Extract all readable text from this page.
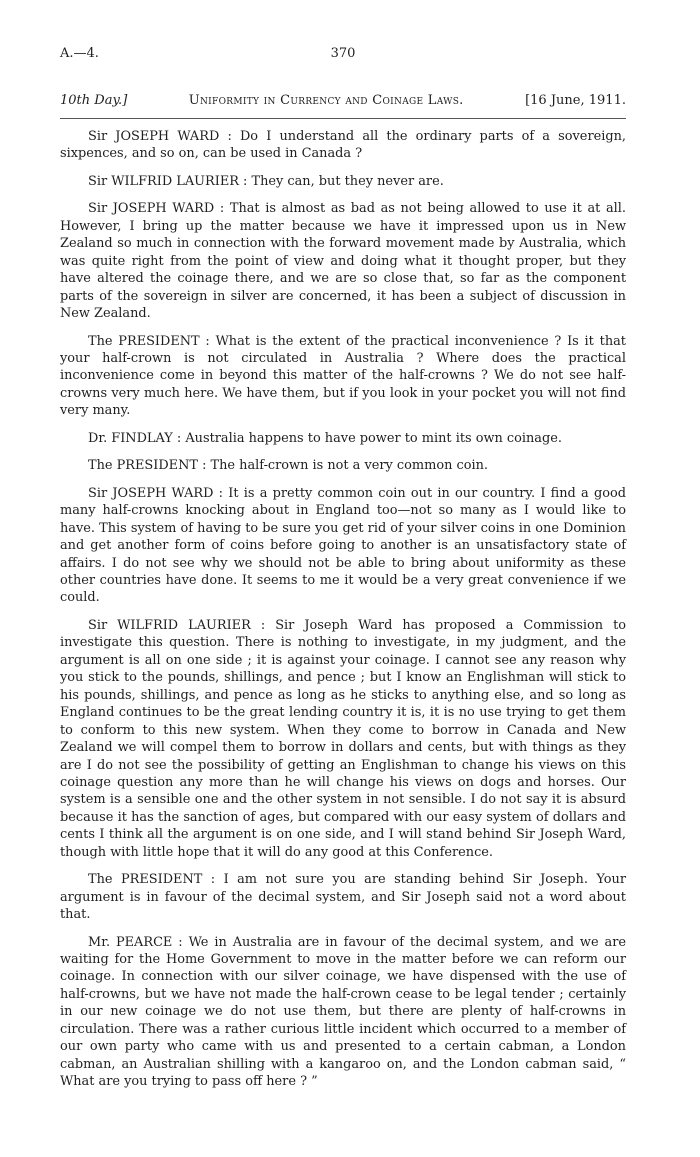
A.—4.	370
10th Day.]	Uniformity in Currency and Coinage Laws.	[16 June, 1911.

Sir JOSEPH WARD : Do I understand all the ordinary parts of a sovereign, sixpences, and so on, can be used in Canada ?

Sir WILFRID LAURIER : They can, but they never are.

Sir JOSEPH WARD : That is almost as bad as not being allowed to use it at all. However, I bring up the matter because we have it impressed upon us in New Zealand so much in connection with the forward movement made by Australia, which was quite right from the point of view and doing what it thought proper, but they have altered the coinage there, and we are so close that, so far as the component parts of the sovereign in silver are concerned, it has been a subject of discussion in New Zealand.

The PRESIDENT : What is the extent of the practical inconvenience ? Is it that your half-crown is not circulated in Australia ? Where does the practical inconvenience come in beyond this matter of the half-crowns ? We do not see half-crowns very much here. We have them, but if you look in your pocket you will not find very many.

Dr. FINDLAY : Australia happens to have power to mint its own coinage.

The PRESIDENT : The half-crown is not a very common coin.

Sir JOSEPH WARD : It is a pretty common coin out in our country. I find a good many half-crowns knocking about in England too—not so many as I would like to have. This system of having to be sure you get rid of your silver coins in one Dominion and get another form of coins before going to another is an unsatisfactory state of affairs. I do not see why we should not be able to bring about uniformity as these other countries have done. It seems to me it would be a very great convenience if we could.

Sir WILFRID LAURIER : Sir Joseph Ward has proposed a Commission to investigate this question. There is nothing to investigate, in my judgment, and the argument is all on one side ; it is against your coinage. I cannot see any reason why you stick to the pounds, shillings, and pence ; but I know an Englishman will stick to his pounds, shillings, and pence as long as he sticks to anything else, and so long as England continues to be the great lending country it is, it is no use trying to get them to conform to this new system. When they come to borrow in Canada and New Zealand we will compel them to borrow in dollars and cents, but with things as they are I do not see the possibility of getting an Englishman to change his views on this coinage question any more than he will change his views on dogs and horses. Our system is a sensible one and the other system in not sensible. I do not say it is absurd because it has the sanction of ages, but compared with our easy system of dollars and cents I think all the argument is on one side, and I will stand behind Sir Joseph Ward, though with little hope that it will do any good at this Conference.

The PRESIDENT : I am not sure you are standing behind Sir Joseph. Your argument is in favour of the decimal system, and Sir Joseph said not a word about that.

Mr. PEARCE : We in Australia are in favour of the decimal system, and we are waiting for the Home Government to move in the matter before we can reform our coinage. In connection with our silver coinage, we have dispensed with the use of half-crowns, but we have not made the half-crown cease to be legal tender ; certainly in our new coinage we do not use them, but there are plenty of half-crowns in circulation. There was a rather curious little incident which occurred to a member of our own party who came with us and presented to a certain cabman, a London cabman, an Australian shilling with a kangaroo on, and the London cabman said, “ What are you trying to pass off here ? ”
